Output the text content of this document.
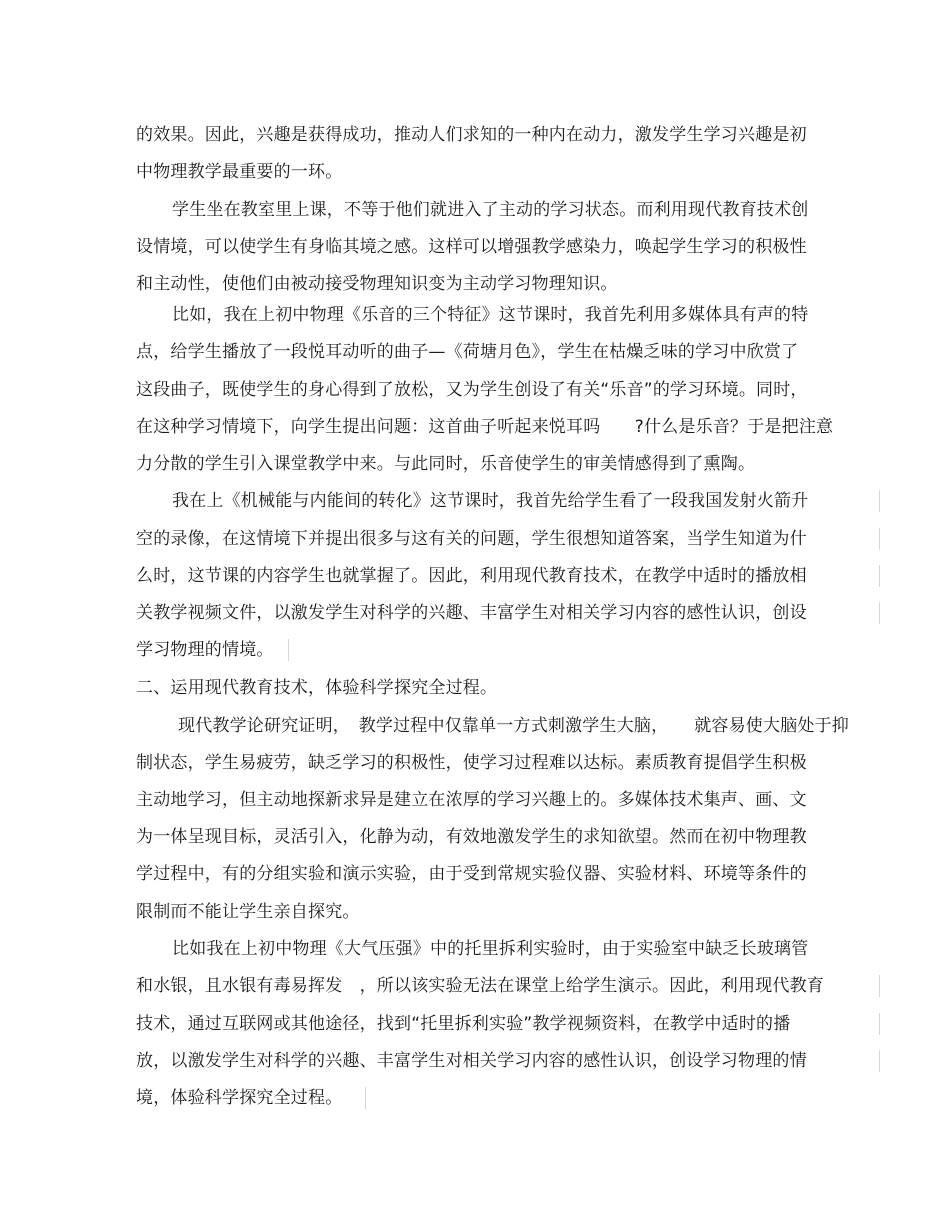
的效果。因此，兴趣是获得成功，推动人们求知的一种内在动力，激发学生学习兴趣是初
中物理教学最重要的一环。
学生坐在教室里上课，不等于他们就进入了主动的学习状态。而利用现代教育技术创
设情境，可以使学生有身临其境之感。这样可以增强教学感染力，唤起学生学习的积极性
和主动性，使他们由被动接受物理知识变为主动学习物理知识。
比如，我在上初中物理《乐音的三个特征》这节课时，我首先利用多媒体具有声的特
点，给学生播放了一段悦耳动听的曲子—《荷塘月色》，学生在枯燥乏味的学习中欣赏了
这段曲子，既使学生的身心得到了放松，又为学生创设了有关“乐音”的学习环境。同时，
在这种学习情境下，向学生提出问题：这首曲子听起来悦耳吗　　?什么是乐音？于是把注意
力分散的学生引入课堂教学中来。与此同时，乐音使学生的审美情感得到了熏陶。
我在上《机械能与内能间的转化》这节课时，我首先给学生看了一段我国发射火箭升
空的录像，在这情境下并提出很多与这有关的问题，学生很想知道答案，当学生知道为什
么时，这节课的内容学生也就掌握了。因此，利用现代教育技术，在教学中适时的播放相
关教学视频文件，以激发学生对科学的兴趣、丰富学生对相关学习内容的感性认识，创设
学习物理的情境。
二、运用现代教育技术，体验科学探究全过程。
现代教学论研究证明，　教学过程中仅靠单一方式刺激学生大脑，　　就容易使大脑处于抑
制状态，学生易疲劳，缺乏学习的积极性，使学习过程难以达标。素质教育提倡学生积极
主动地学习，但主动地探新求异是建立在浓厚的学习兴趣上的。多媒体技术集声、画、文
为一体呈现目标，灵活引入，化静为动，有效地激发学生的求知欲望。然而在初中物理教
学过程中，有的分组实验和演示实验，由于受到常规实验仪器、实验材料、环境等条件的
限制而不能让学生亲自探究。
比如我在上初中物理《大气压强》中的托里拆利实验时，由于实验室中缺乏长玻璃管
和水银，且水银有毒易挥发　，所以该实验无法在课堂上给学生演示。因此，利用现代教育
技术，通过互联网或其他途径，找到“托里拆利实验”教学视频资料，在教学中适时的播
放，以激发学生对科学的兴趣、丰富学生对相关学习内容的感性认识，创设学习物理的情
境，体验科学探究全过程。
